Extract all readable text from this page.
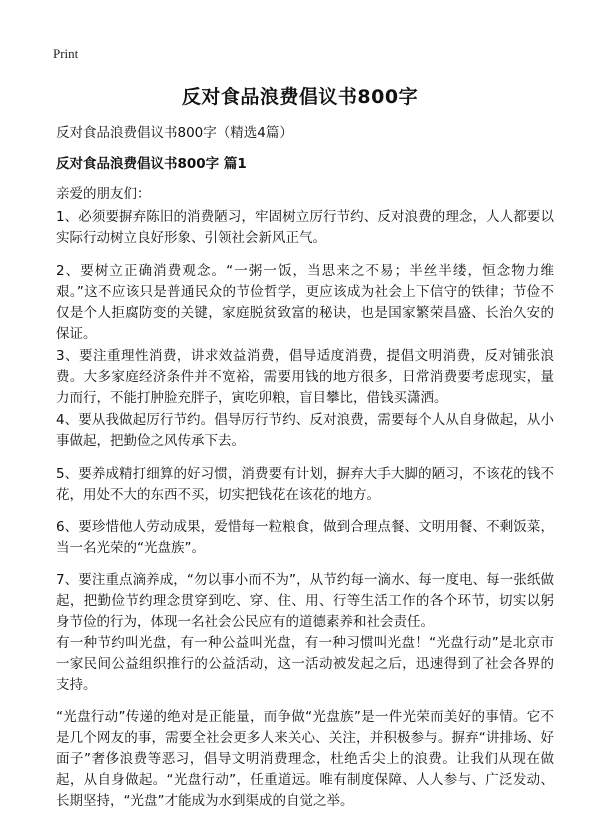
Print
反对食品浪费倡议书800字
反对食品浪费倡议书800字（精选4篇）
反对食品浪费倡议书800字 篇1
亲爱的朋友们：

1、必须要摒弃陈旧的消费陋习，牢固树立厉行节约、反对浪费的理念，人人都要以实际行动树立良好形象、引领社会新风正气。

2、要树立正确消费观念。“一粥一饭，当思来之不易；半丝半缕，恒念物力维艰。”这不应该只是普通民众的节俭哲学，更应该成为社会上下信守的铁律；节俭不仅是个人拒腐防变的关键，家庭脱贫致富的秘诀，也是国家繁荣昌盛、长治久安的保证。

3、要注重理性消费，讲求效益消费，倡导适度消费，提倡文明消费，反对铺张浪费。大多家庭经济条件并不宽裕，需要用钱的地方很多，日常消费要考虑现实，量力而行，不能打肿脸充胖子，寅吃卯粮，盲目攀比，借钱买潇洒。

4、要从我做起厉行节约。倡导厉行节约、反对浪费，需要每个人从自身做起，从小事做起，把勤俭之风传承下去。

5、要养成精打细算的好习惯，消费要有计划，摒弃大手大脚的陋习，不该花的钱不花，用处不大的东西不买，切实把钱花在该花的地方。

6、要珍惜他人劳动成果，爱惜每一粒粮食，做到合理点餐、文明用餐、不剩饭菜，当一名光荣的“光盘族”。

7、要注重点滴养成，“勿以事小而不为”，从节约每一滴水、每一度电、每一张纸做起，把勤俭节约理念贯穿到吃、穿、住、用、行等生活工作的各个环节，切实以躬身节俭的行为，体现一名社会公民应有的道德素养和社会责任。

有一种节约叫光盘，有一种公益叫光盘，有一种习惯叫光盘！“光盘行动”是北京市一家民间公益组织推行的公益活动，这一活动被发起之后，迅速得到了社会各界的支持。

“光盘行动”传递的绝对是正能量，而争做“光盘族”是一件光荣而美好的事情。它不是几个网友的事，需要全社会更多人来关心、关注，并积极参与。摒弃“讲排场、好面子”奢侈浪费等恶习，倡导文明消费理念，杜绝舌尖上的浪费。让我们从现在做起，从自身做起。“光盘行动”，任重道远。唯有制度保障、人人参与、广泛发动、长期坚持，“光盘”才能成为水到渠成的自觉之举。
